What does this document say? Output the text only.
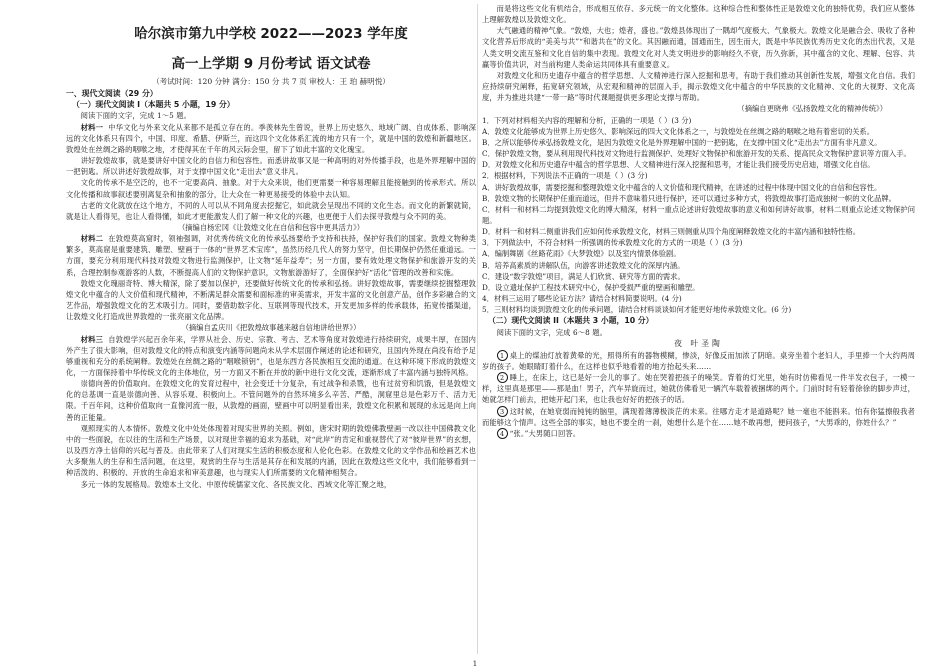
哈尔滨市第九中学校 2022——2023 学年度
高一上学期 9 月份考试 语文试卷
（考试时间：120 分钟 满分：150 分 共 7 页 审校人：王 珀 赫明悦）
一、现代文阅读（29 分）
（一）现代文阅读 I（本题共 5 小题，19 分）
阅读下面的文字，完成 1～5 题。
材料一 中华文化与外来文化从来都不是孤立存在的。季羡林先生曾说，世界上历史悠久、地域广阔、自成体系、影响深远的文化体系只有四个，中国、印度、希腊、伊斯兰，而这四个文化体系汇流的地方只有一个，就是中国的敦煌和新疆地区。敦煌处在丝绸之路的咽喉之地，才使得其在千年的风云际会里，留下了如此丰富的文化瑰宝。
讲好敦煌故事，就是要讲好中国文化的自信力和包容性。而悉讲故事又是一种高明的对外传播手段，也是外界理解中国的一把钥匙。所以讲述好敦煌故事，对于支撑中国文化“走出去”意义非凡。
文化的传承不是空泛的，也不一定要高尚、抽象。对于大众来说，他们更需要一种容易理解且能接触到的传承形式。所以文化传播和故事叙述要别离复杂和抽象的部分，让大众在一种更易接受的体验中去认知。
古老的文化就放在这个地方，不同的人可以从不同角度去挖掘它，如此就会呈现出不同的文化生态。而文化的新繁就简，就是让人看得见，也让人看得懂，如此才更能激发人们了解一种文化的兴趣，也更便于人们去探寻敦煌与众不同的美。
（摘编自杨宏冈《让敦煌文化在自信和包容中更具活力》）
材料二 在敦煌莫高窟时，领袖强调，对优秀传统文化的传承弘扬要给予支持和扶持，保护好我们的国家。敦煌文物种类繁多，莫高窟是重要建筑、雕塑、壁画于一体的“世界艺术宝库”，虽然历经几代人的努力坚守，但长期保护仍然任重道远。一方面，要充分利用现代科技对敦煌文物进行监测保护，让文物“延年益寿”；另一方面，要有效处理文物保护和旅游开发的关系，合理控制参观游客的人数，不断提高人们的文物保护意识，文物旅游游好了，全面保护好“活化”管理的改善和实施。
敦煌文化瑰丽奇特、博大精深，除了要加以保护，还要做好传统文化的传承和弘扬。讲好敦煌故事，需要继续挖掘整理敦煌文化中蕴含的人文价值和现代精神，不断满足群众需要和面标准的审美需求，开发丰富的文化创意产品，创作多彩融合的文艺作品，增强敦煌文化的艺术吸引力。同时，要借助数字化、互联网等现代技术，开发更加多样的传承载体，拓宽传播渠道，让敦煌文化打造成世界敦煌的一张亮丽文化品牌。
（摘编自孟庆川《把敦煌故事越来越自信地讲给世界》）
材料三 自敦煌学兴起百余年来，学界从社会、历史、宗教、考古、艺术等角度对敦煌进行持续研究，成果丰厚，在国内外产生了很大影响，但对敦煌文化的特点和演变内涵等问题尚未从学术层面作阐述的论述和研究，且国内外现在尚没有给予足够重视和充分的系统阐释。敦煌处在丝绸之路的“咽喉锁钥”，也是东西方各民族相互交流的通道。在这种环境下形成的敦煌文化，一方面保持着中华传统文化的主体地位，另一方面又不断在并放的新中进行文化交流，逐渐形成了丰富内涵与独特风格。
崇德向善的价值取向。在敦煌文化的发育过程中，社会变迁十分复杂，有过战争和杀戮，也有过贫穷和饥饿，但是敦煌文化的总基调一直是崇德向善、从容乐观、积极向上。不管问题外的自然环境多么辛苦、严酷，洞窟里总是色彩万千、活力无限。千百年间，这种价值取向一直像河流一般，从敦煌的画面，壁画中可以明显看出来，敦煌文化积累和展现的永远是向上向善的正能量。
观照现实的人本情怀。敦煌文化中处处体现着对现实世界的关照。例如，唐宋时期的敦煌佛教壁画一改以往中国佛教文化中的一些面貌，在以往的生活和生产场景，以对现世幸福的追求为基础，对“此岸”的肯定和重视替代了对“彼岸世界”的玄想，以及西方净土信仰的兴起与普及。由此带来了人们对现实生活的积极态度和人伦化色彩。在敦煌文化的文学作品和绘画艺术也大多聚焦人的生存和生活问题，在这里，观赏的生存与生活是其存在和发展的内涵，因此在敦煌这些文化中，我们能够看到一种活泼的、积极的、开放的生命追求和审美意趣，也与现实人们所需要的文化精神相契合。
多元一体的发展格局。敦煌本土文化、中原传统儒家文化、各民族文化、西域文化等汇聚之地，
而是将这些文化有机结合，形成相互依存、多元统一的文化整体。这种综合性和整体性正是敦煌文化的独特优势，我们应从整体上理解敦煌以及敦煌文化。
大气融通的精神气象。“敦煌，大也；煌者，盛也。”敦煌县体现出了一隅却气度极大、气象极大。敦煌文化是融合会、吸收了各种文化营养后形成的“美美与共”“和谐共在”的文化。其因融而通，国通而生，因生而大，既是中华民族优秀历史文化的杰出代表，又是人类文明交流互鉴和文化自信的集中表现。敦煌文化对人类文明进步的影响经久不衰，历久弥新，其中蕴含的文化、理解、包容、共赢等价值共识，对当前构建人类命运共同体具有重要意义。
对敦煌文化和历史遗存中蕴含的哲学思想、人文精神进行深入挖掘和思考，有助于我们推动其创新性发展，增强文化自信。我们应持续研究阐释，拓宽研究领域，从宏观和精神的层面入手，揭示敦煌文化中蕴含的中华民族的文化精神、文化的大视野、文化高度，并为推进共建“一带一路”等时代课题提供更多理论支撑与帮助。
（摘编自更晓弗《弘扬敦煌文化的精神传统》）
1．下列对材料相关内容的理解和分析，正确的一项是（ ）(3 分)
A．敦煌文化能够成为世界上历史悠久、影响深远的四大文化体系之一，与敦煌处在丝绸之路的咽喉之地有着密切的关系。
B．之所以能够传承弘扬敦煌文化，是因为敦煌文化是外界理解中国的一把钥匙，在支撑中国文化“走出去”方面有非凡意义。
C．保护敦煌文物，要从利用现代科技对文物进行监测保护、处理好文物保护和旅游开发的关系、提高民众文物保护意识等方面入手。
D．对敦煌文化和历史遗存中蕴含的哲学思想、人文精神进行深入挖掘和思考，才能让我们接受历史启迪，增强文化自信。
2．根据材料，下列说法不正确的一项是（ ）(3 分)
A．讲好敦煌故事，需要挖掘和整理敦煌文化中蕴含的人文价值和现代精神，在讲述的过程中体现中国文化的自信和包容性。
B．敦煌文物的长期保护任重而道远，但并不意味着只进行保护，还可以通过多种方式，将敦煌故事打造成独树一帜的文化品牌。
C．材料一和材料二均提到敦煌文化的博大精深，材料一重点论述讲好敦煌故事的意义和如何讲好故事，材料二则重点论述文物保护问题。
D．材料一和材料二侧重讲我们应如何传承敦煌文化，材料三则侧重从四个角度阐释敦煌文化的丰富内涵和独特性格。
3．下列做法中，不符合材料一所强调的传承敦煌文化的方式的一项是（ ）(3 分)
A．编制舞剧《丝路花雨》《大梦敦煌》以及室内情景体验剧。
B．培养高素质的讲解队伍，向游客讲述敦煌文化的深厚内涵。
C．建设“数字敦煌”项目，满足人们欣赏、研究等方面的需求。
D．设立遗址保护工程技术研究中心，保护受损严重的壁画和雕塑。
4．材料三运用了哪些论证方法？请结合材料简要说明。(4 分)
5．三则材料均谈到敦煌文化的传承问题，请结合材料谈谈如何才能更好地传承敦煌文化。(6 分)
（二）现代文阅读 II（本题共 3 小题，10 分）
阅读下面的文字，完成 6～8 题。
夜 叶圣陶
1 桌上的煤油灯放着黄晕的光，照得所有的器物模糊，惨淡，好像反而加浓了阴暗。桌旁坐着个老妇人，手里捧一个大约两周岁的孩子。她眼睛盯着什么，在这样也似乎地看着的地方抬起头来……
2 睡上，在床上，这已是好一会儿的事了。她在哭着把孩子的噪笑。背着的灯光里，她有时仿佛看见一件半发衣包子，一模一样，这里真是那里——那是血！男子，汽车异旋而过，她就仿佛看见一辆汽车载着被捆绑的两个。门前时时有轻着徐徐的脚步声过，她就怎样门前去，把她开起门来，也让我也好好的把孩子的话。
3 这时候，在她衰弱而钝钝的脑里，满现着薄薄极淡茫的未来。往哪方走才是道路呢？她一毫也不能斟来。怕有你猛擦般我者而能够这个情声。这些全部的事实，她也不要全的一刹，她想什么是个在……她不敢再想，便问孩子，“大男乖的，你姓什么？”
4 “张。”大男随口回答。
1
